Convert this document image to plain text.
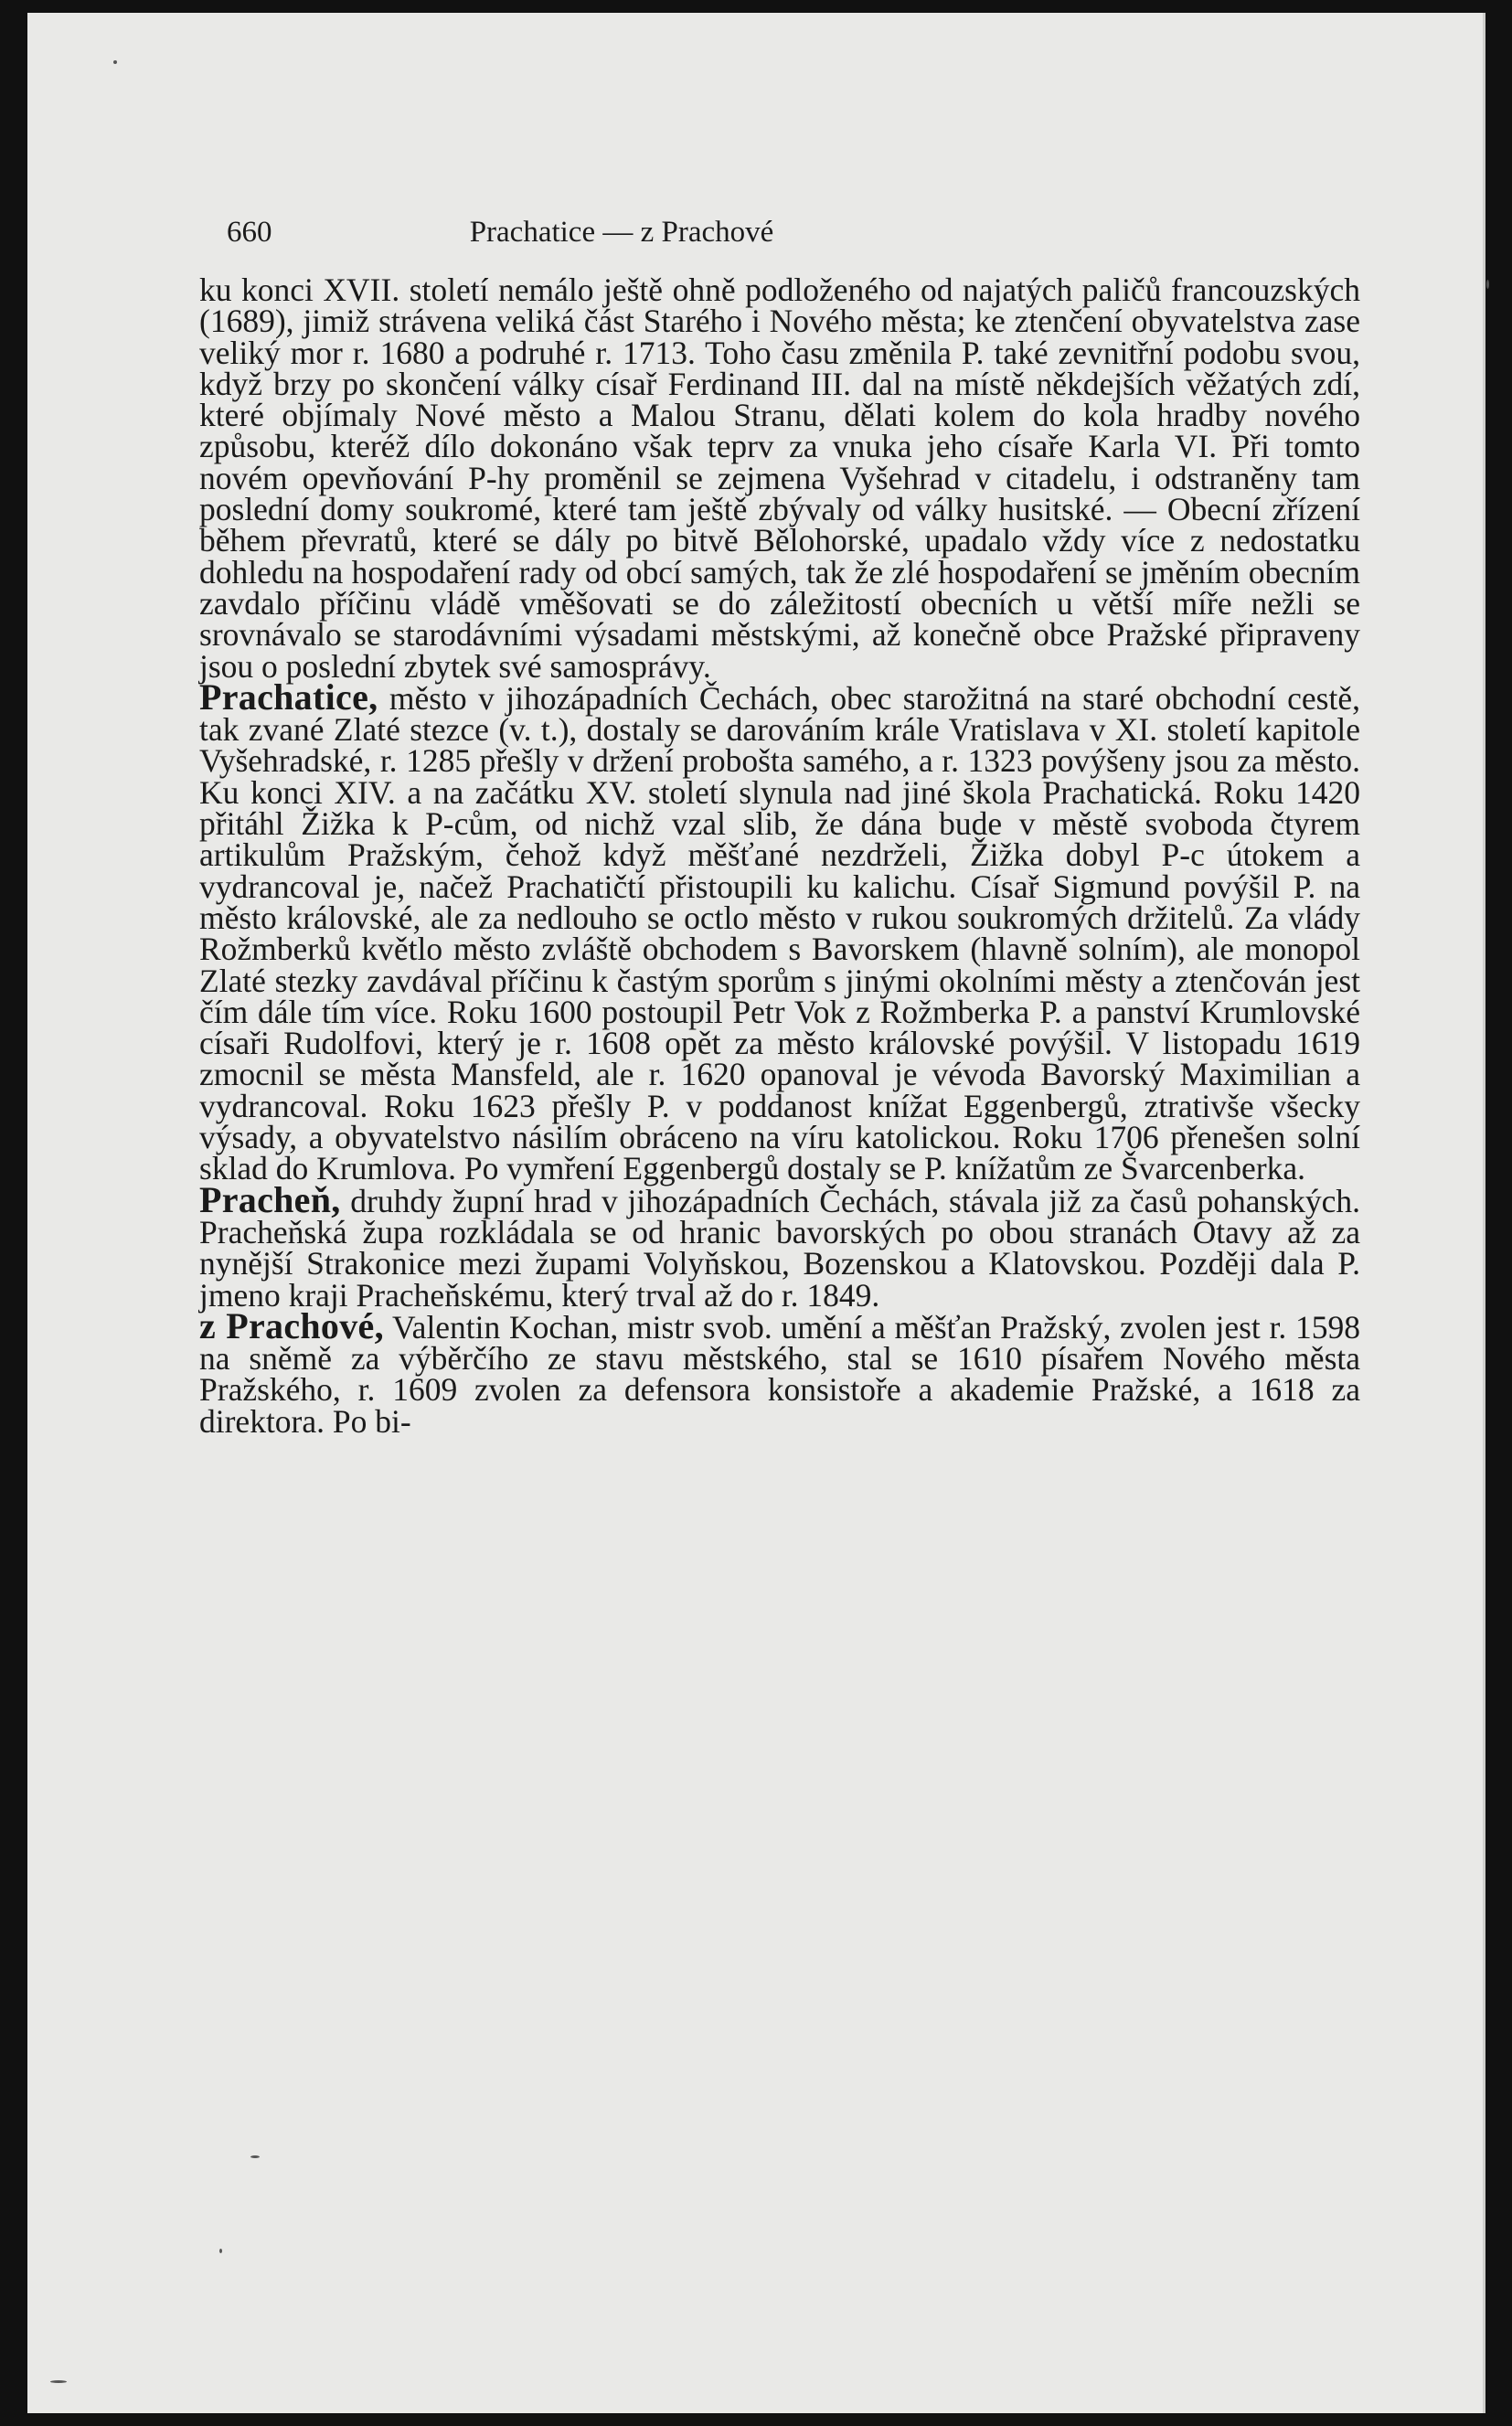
660	Prachatice — z Prachové

ku konci XVII. století nemálo ještě ohně podloženého od najatých paličů francouzských (1689), jimiž strávena veliká část Starého i Nového města; ke ztenčení obyvatelstva zase veliký mor r. 1680 a podruhé r. 1713. Toho času změnila P. také zevnitřní podobu svou, když brzy po skončení války císař Ferdinand III. dal na místě někdejších věžatých zdí, které objímaly Nové město a Malou Stranu, dělati kolem do kola hradby nového způsobu, kteréž dílo dokonáno však teprv za vnuka jeho císaře Karla VI. Při tomto novém opevňování P-hy proměnil se zejmena Vyšehrad v citadelu, i odstraněny tam poslední domy soukromé, které tam ještě zbývaly od války husitské. — Obecní zřízení během převratů, které se dály po bitvě Bělohorské, upadalo vždy více z nedostatku dohledu na hospodaření rady od obcí samých, tak že zlé hospodaření se jměním obecním zavdalo příčinu vládě vměšovati se do záležitostí obecních u větší míře nežli se srovnávalo se starodávními výsadami městskými, až konečně obce Pražské připraveny jsou o poslední zbytek své samosprávy.

Prachatice, město v jihozápadních Čechách, obec starožitná na staré obchodní cestě, tak zvané Zlaté stezce (v. t.), dostaly se darováním krále Vratislava v XI. století kapitole Vyšehradské, r. 1285 přešly v držení probošta samého, a r. 1323 povýšeny jsou za město. Ku konci XIV. a na začátku XV. století slynula nad jiné škola Prachatická. Roku 1420 přitáhl Žižka k P-cům, od nichž vzal slib, že dána bude v městě svoboda čtyrem artikulům Pražským, čehož když měšťané nezdrželi, Žižka dobyl P-c útokem a vydrancoval je, načež Prachatičtí přistoupili ku kalichu. Císař Sigmund povýšil P. na město královské, ale za nedlouho se octlo město v rukou soukromých držitelů. Za vlády Rožmberků květlo město zvláště obchodem s Bavorskem (hlavně solním), ale monopol Zlaté stezky zavdával příčinu k častým sporům s jinými okolními městy a ztenčován jest čím dále tím více. Roku 1600 postoupil Petr Vok z Rožmberka P. a panství Krumlovské císaři Rudolfovi, který je r. 1608 opět za město královské povýšil. V listopadu 1619 zmocnil se města Mansfeld, ale r. 1620 opanoval je vévoda Bavorský Maximilian a vydrancoval. Roku 1623 přešly P. v poddanost knížat Eggenbergů, ztrativše všecky výsady, a obyvatelstvo násilím obráceno na víru katolickou. Roku 1706 přenešen solní sklad do Krumlova. Po vymření Eggenbergů dostaly se P. knížatům ze Švarcenberka.

Pracheň, druhdy župní hrad v jihozápadních Čechách, stávala již za časů pohanských. Pracheňská župa rozkládala se od hranic bavorských po obou stranách Otavy až za nynější Strakonice mezi župami Volyňskou, Bozenskou a Klatovskou. Později dala P. jmeno kraji Pracheňskému, který trval až do r. 1849.

z Prachové, Valentin Kochan, mistr svob. umění a měšťan Pražský, zvolen jest r. 1598 na sněmě za výběrčího ze stavu městského, stal se 1610 písařem Nového města Pražského, r. 1609 zvolen za defensora konsistoře a akademie Pražské, a 1618 za direktora. Po bi-
